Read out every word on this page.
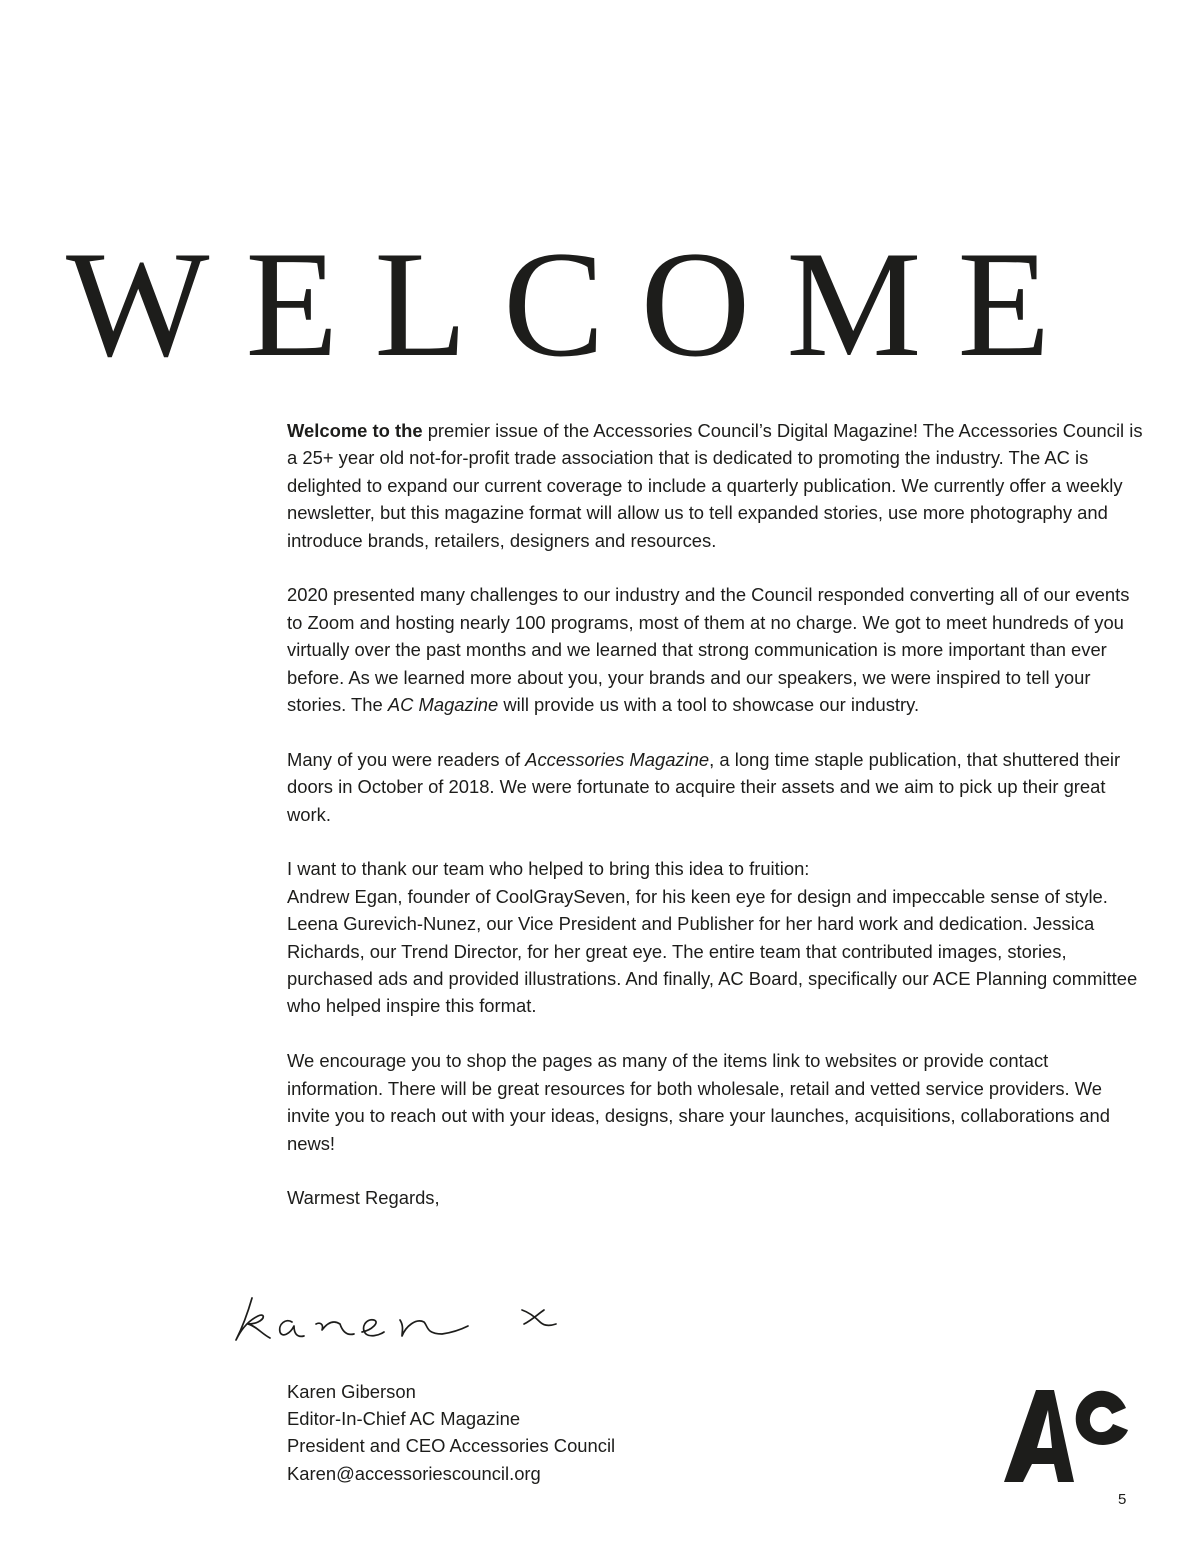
WELCOME

Welcome to the premier issue of the Accessories Council’s Digital Magazine! The Accessories Council is a 25+ year old not-for-profit trade association that is dedicated to promoting the industry. The AC is delighted to expand our current coverage to include a quarterly publication. We currently offer a weekly newsletter, but this magazine format will allow us to tell expanded stories, use more photography and introduce brands, retailers, designers and resources.

2020 presented many challenges to our industry and the Council responded converting all of our events to Zoom and hosting nearly 100 programs, most of them at no charge. We got to meet hundreds of you virtually over the past months and we learned that strong communication is more important than ever before. As we learned more about you, your brands and our speakers, we were inspired to tell your stories. The AC Magazine will provide us with a tool to showcase our industry.

Many of you were readers of Accessories Magazine, a long time staple publication, that shuttered their doors in October of 2018. We were fortunate to acquire their assets and we aim to pick up their great work.

I want to thank our team who helped to bring this idea to fruition:
Andrew Egan, founder of CoolGraySeven, for his keen eye for design and impeccable sense of style. Leena Gurevich-Nunez, our Vice President and Publisher for her hard work and dedication. Jessica Richards, our Trend Director, for her great eye. The entire team that contributed images, stories, purchased ads and provided illustrations. And finally, AC Board, specifically our ACE Planning committee who helped inspire this format.

We encourage you to shop the pages as many of the items link to websites or provide contact information. There will be great resources for both wholesale, retail and vetted service providers. We invite you to reach out with your ideas, designs, share your launches, acquisitions, collaborations and news!

Warmest Regards,

Karen Giberson
Editor-In-Chief AC Magazine
President and CEO Accessories Council
Karen@accessoriescouncil.org
5
